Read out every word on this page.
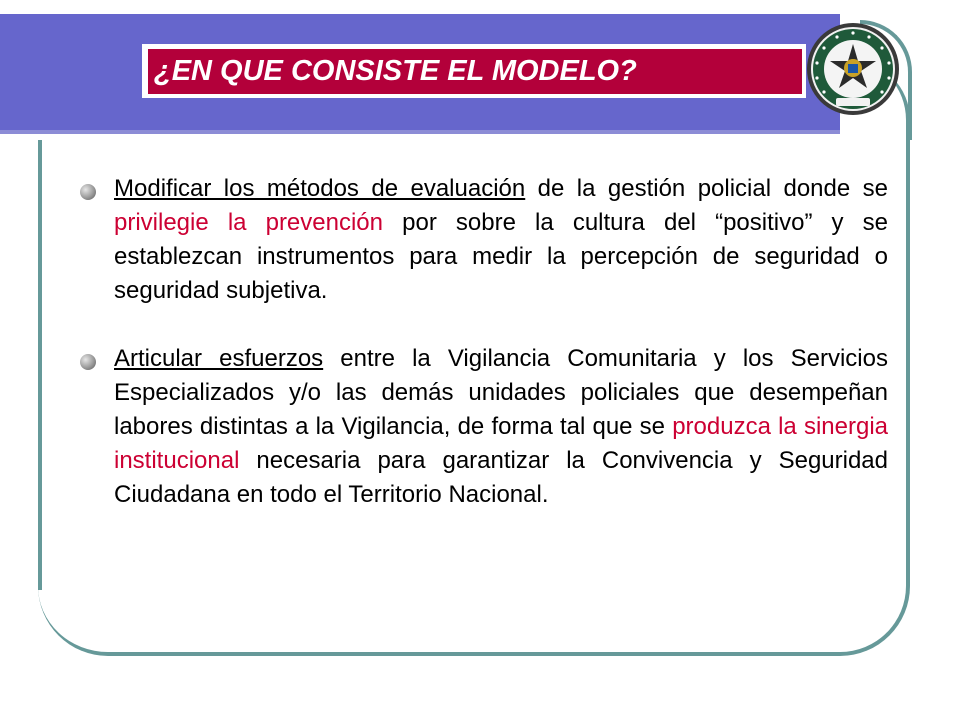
¿EN QUE CONSISTE EL MODELO?

Modificar los métodos de evaluación de la gestión policial donde se privilegie la prevención por sobre la cultura del “positivo” y se establezcan instrumentos para medir la percepción de seguridad o seguridad subjetiva.

Articular esfuerzos entre la Vigilancia Comunitaria y los Servicios Especializados y/o las demás unidades policiales que desempeñan labores distintas a la Vigilancia, de forma tal que se produzca la sinergia institucional necesaria para garantizar la Convivencia y Seguridad Ciudadana en todo el Territorio Nacional.
